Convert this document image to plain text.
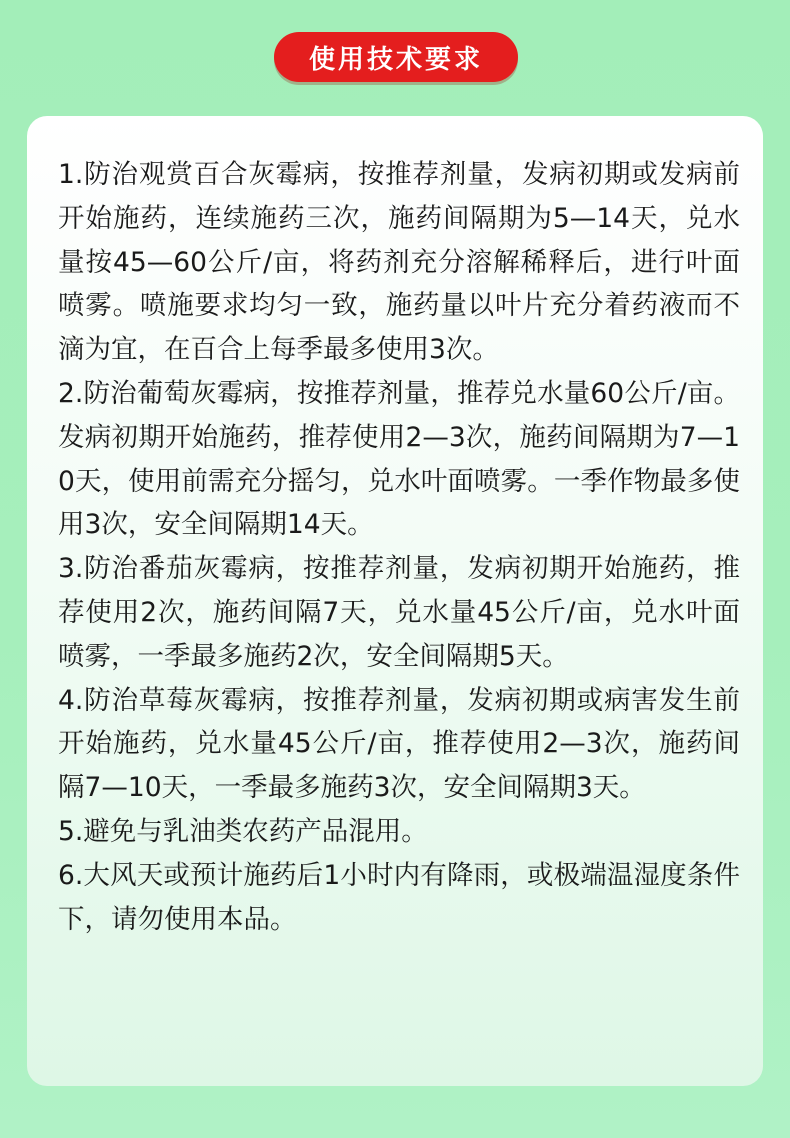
使用技术要求

1.防治观赏百合灰霉病，按推荐剂量，发病初期或发病前开始施药，连续施药三次，施药间隔期为5—14天，兑水量按45—60公斤/亩，将药剂充分溶解稀释后，进行叶面喷雾。喷施要求均匀一致，施药量以叶片充分着药液而不滴为宜，在百合上每季最多使用3次。

2.防治葡萄灰霉病，按推荐剂量，推荐兑水量60公斤/亩。发病初期开始施药，推荐使用2—3次，施药间隔期为7—10天，使用前需充分摇匀，兑水叶面喷雾。一季作物最多使用3次，安全间隔期14天。

3.防治番茄灰霉病，按推荐剂量，发病初期开始施药，推荐使用2次，施药间隔7天，兑水量45公斤/亩，兑水叶面喷雾，一季最多施药2次，安全间隔期5天。

4.防治草莓灰霉病，按推荐剂量，发病初期或病害发生前开始施药，兑水量45公斤/亩，推荐使用2—3次，施药间隔7—10天，一季最多施药3次，安全间隔期3天。

5.避免与乳油类农药产品混用。

6.大风天或预计施药后1小时内有降雨，或极端温湿度条件下，请勿使用本品。
